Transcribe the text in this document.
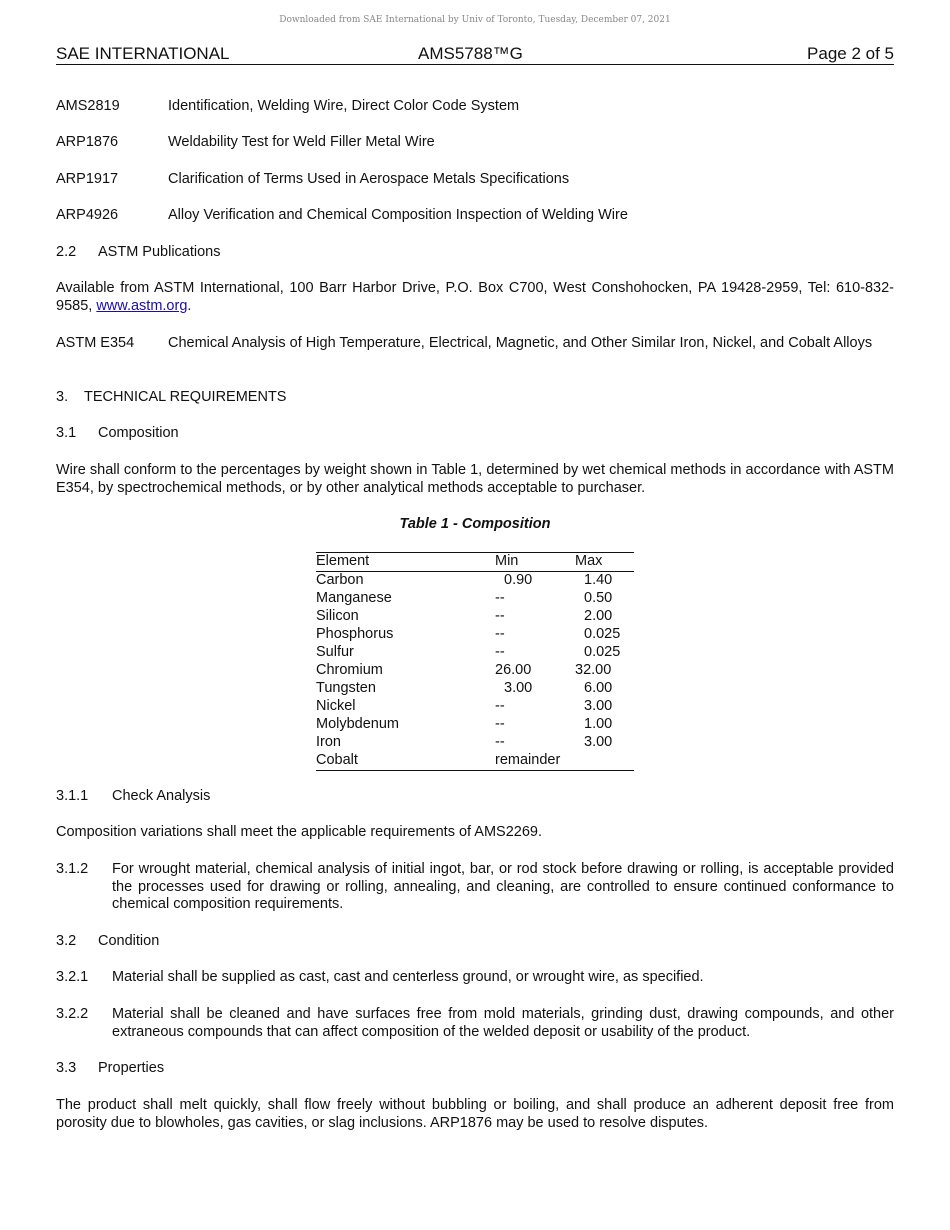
Downloaded from SAE International by Univ of Toronto, Tuesday, December 07, 2021
SAE INTERNATIONAL	AMS5788™G	Page 2 of 5
AMS2819	Identification, Welding Wire, Direct Color Code System
ARP1876	Weldability Test for Weld Filler Metal Wire
ARP1917	Clarification of Terms Used in Aerospace Metals Specifications
ARP4926	Alloy Verification and Chemical Composition Inspection of Welding Wire
2.2 ASTM Publications
Available from ASTM International, 100 Barr Harbor Drive, P.O. Box C700, West Conshohocken, PA 19428-2959, Tel: 610-832-9585, www.astm.org.
ASTM E354 Chemical Analysis of High Temperature, Electrical, Magnetic, and Other Similar Iron, Nickel, and Cobalt Alloys
3. TECHNICAL REQUIREMENTS
3.1 Composition
Wire shall conform to the percentages by weight shown in Table 1, determined by wet chemical methods in accordance with ASTM E354, by spectrochemical methods, or by other analytical methods acceptable to purchaser.
Table 1 - Composition
Element	Min	Max
Carbon	0.90	1.40
Manganese	--	0.50
Silicon	--	2.00
Phosphorus	--	0.025
Sulfur	--	0.025
Chromium	26.00	32.00
Tungsten	3.00	6.00
Nickel	--	3.00
Molybdenum	--	1.00
Iron	--	3.00
Cobalt	remainder	
3.1.1 Check Analysis
Composition variations shall meet the applicable requirements of AMS2269.
3.1.2 For wrought material, chemical analysis of initial ingot, bar, or rod stock before drawing or rolling, is acceptable provided the processes used for drawing or rolling, annealing, and cleaning, are controlled to ensure continued conformance to chemical composition requirements.
3.2 Condition
3.2.1 Material shall be supplied as cast, cast and centerless ground, or wrought wire, as specified.
3.2.2 Material shall be cleaned and have surfaces free from mold materials, grinding dust, drawing compounds, and other extraneous compounds that can affect composition of the welded deposit or usability of the product.
3.3 Properties
The product shall melt quickly, shall flow freely without bubbling or boiling, and shall produce an adherent deposit free from porosity due to blowholes, gas cavities, or slag inclusions. ARP1876 may be used to resolve disputes.
